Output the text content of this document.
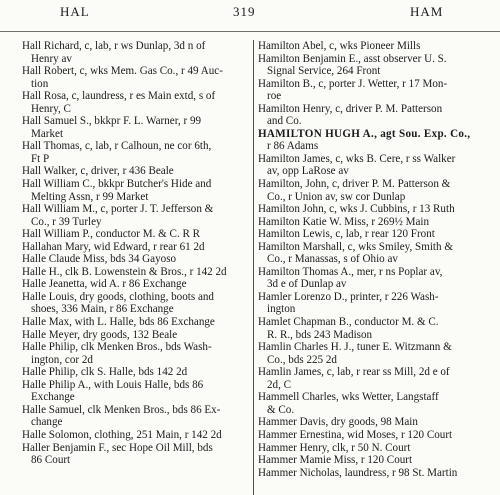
HAL	319	HAM
Hall Richard, c, lab, r ws Dunlap, 3d n of
Henry av
Hall Robert, c, wks Mem. Gas Co., r 49 Auc-
tion
Hall Rosa, c, laundress, r es Main extd, s of
Henry, C
Hall Samuel S., bkkpr F. L. Warner, r 99
Market
Hall Thomas, c, lab, r Calhoun, ne cor 6th,
Ft P
Hall Walker, c, driver, r 436 Beale
Hall William C., bkkpr Butcher's Hide and
Melting Assn, r 99 Market
Hall William M., c, porter J. T. Jefferson &
Co., r 39 Turley
Hall William P., conductor M. & C. R R
Hallahan Mary, wid Edward, r rear 61 2d
Halle Claude Miss, bds 34 Gayoso
Halle H., clk B. Lowenstein & Bros., r 142 2d
Halle Jeanetta, wid A. r 86 Exchange
Halle Louis, dry goods, clothing, boots and
shoes, 336 Main, r 86 Exchange
Halle Max, with L. Halle, bds 86 Exchange
Halle Meyer, dry goods, 132 Beale
Halle Philip, clk Menken Bros., bds Wash-
ington, cor 2d
Halle Philip, clk S. Halle, bds 142 2d
Halle Philip A., with Louis Halle, bds 86
Exchange
Halle Samuel, clk Menken Bros., bds 86 Ex-
change
Halle Solomon, clothing, 251 Main, r 142 2d
Haller Benjamin F., sec Hope Oil Mill, bds
86 Court
Hamilton Abel, c, wks Pioneer Mills
Hamilton Benjamin E., asst observer U. S.
Signal Service, 264 Front
Hamilton B., c, porter J. Wetter, r 17 Mon-
roe
Hamilton Henry, c, driver P. M. Patterson
and Co.
HAMILTON HUGH A., agt Sou. Exp. Co.,
r 86 Adams
Hamilton James, c, wks B. Cere, r ss Walker
av, opp LaRose av
Hamilton, John, c, driver P. M. Patterson &
Co., r Union av, sw cor Dunlap
Hamilton John, c, wks J. Cubbins, r 13 Ruth
Hamilton Katie W. Miss, r 269½ Main
Hamilton Lewis, c, lab, r rear 120 Front
Hamilton Marshall, c, wks Smiley, Smith &
Co., r Manassas, s of Ohio av
Hamilton Thomas A., mer, r ns Poplar av,
3d e of Dunlap av
Hamler Lorenzo D., printer, r 226 Wash-
ington
Hamlet Chapman B., conductor M. & C.
R. R., bds 243 Madison
Hamlin Charles H. J., tuner E. Witzmann &
Co., bds 225 2d
Hamlin James, c, lab, r rear ss Mill, 2d e of
2d, C
Hammell Charles, wks Wetter, Langstaff
& Co.
Hammer Davis, dry goods, 98 Main
Hammer Ernestina, wid Moses, r 120 Court
Hammer Henry, clk, r 50 N. Court
Hammer Mamie Miss, r 120 Court
Hammer Nicholas, laundress, r 98 St. Martin
